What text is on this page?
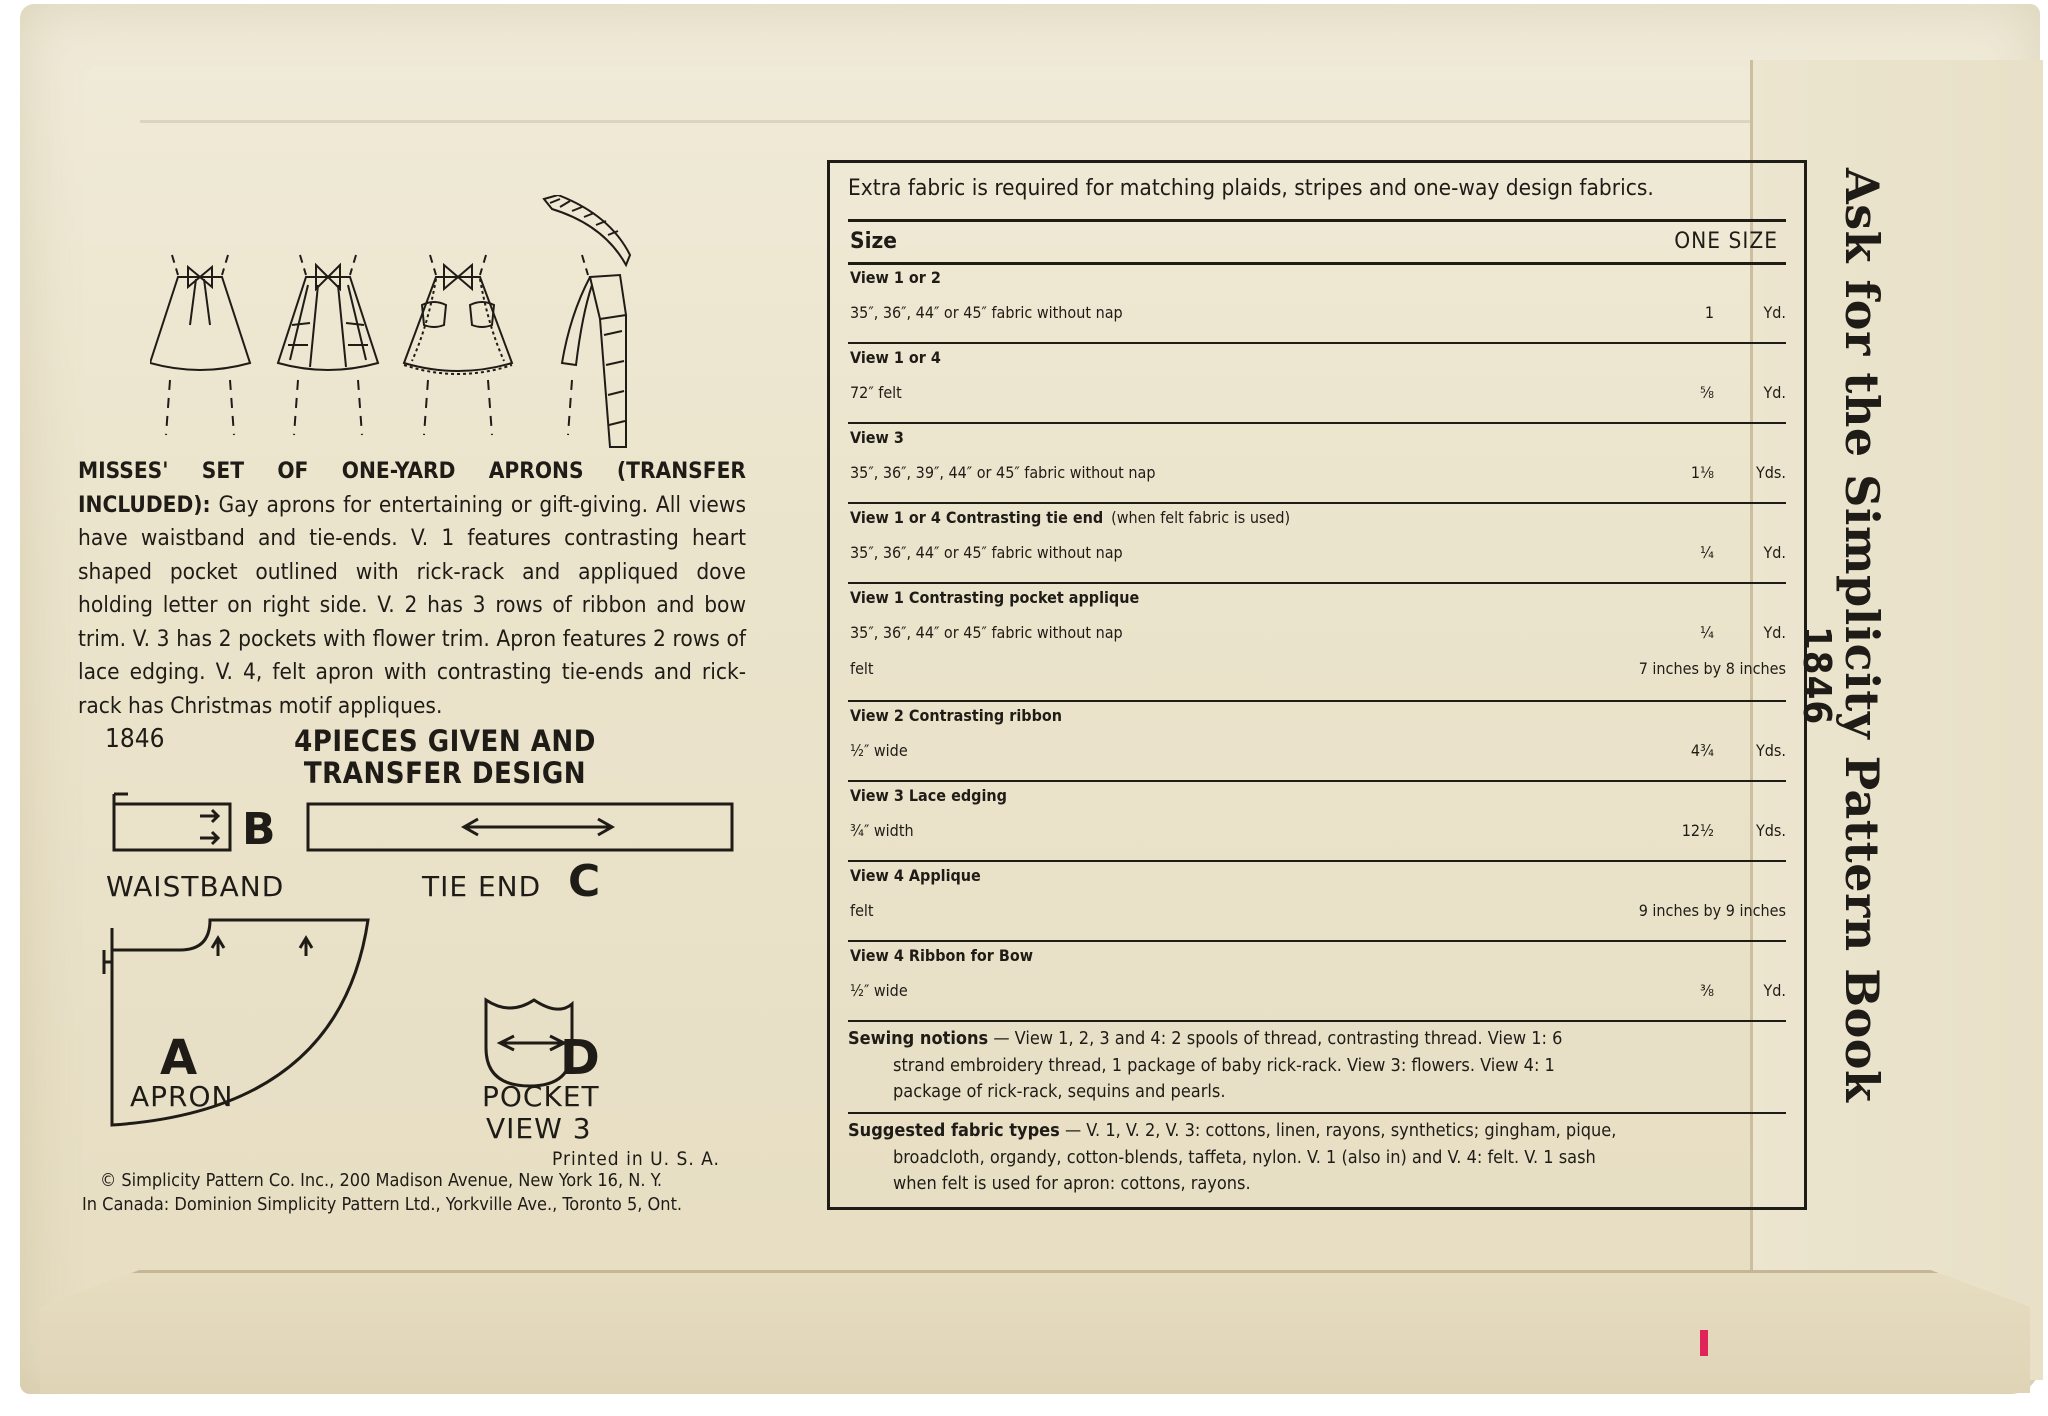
Ask for the Simplicity Pattern Book
1846
MISSES' SET OF ONE-YARD APRONS (TRANSFER INCLUDED): Gay aprons for entertaining or gift-giving. All views have waistband and tie-ends. V. 1 features contrasting heart shaped pocket outlined with rick-rack and appliqued dove holding letter on right side. V. 2 has 3 rows of ribbon and bow trim. V. 3 has 2 pockets with flower trim. Apron features 2 rows of lace edging. V. 4, felt apron with contrasting tie-ends and rick-rack has Christmas motif appliques.
1846	4PIECES GIVEN AND
TRANSFER DESIGN
B
WAISTBAND	TIE END C
A
APRON
D
POCKET
VIEW 3
Printed in U. S. A.
© Simplicity Pattern Co. Inc., 200 Madison Avenue, New York 16, N. Y.
In Canada: Dominion Simplicity Pattern Ltd., Yorkville Ave., Toronto 5, Ont.
Extra fabric is required for matching plaids, stripes and one-way design fabrics.
Size	ONE SIZE
View 1 or 2
35″, 36″, 44″ or 45″ fabric without nap	1	Yd.
View 1 or 4
72″ felt	⅝	Yd.
View 3
35″, 36″, 39″, 44″ or 45″ fabric without nap	1⅛	Yds.
View 1 or 4 Contrasting tie end (when felt fabric is used)
35″, 36″, 44″ or 45″ fabric without nap	¼	Yd.
View 1 Contrasting pocket applique
35″, 36″, 44″ or 45″ fabric without nap	¼	Yd.
felt	7 inches by 8 inches
View 2 Contrasting ribbon
½″ wide	4¾	Yds.
View 3 Lace edging
¾″ width	12½	Yds.
View 4 Applique
felt	9 inches by 9 inches
View 4 Ribbon for Bow
½″ wide	⅜	Yd.
Sewing notions — View 1, 2, 3 and 4: 2 spools of thread, contrasting thread. View 1: 6
strand embroidery thread, 1 package of baby rick-rack. View 3: flowers. View 4: 1
package of rick-rack, sequins and pearls.
Suggested fabric types — V. 1, V. 2, V. 3: cottons, linen, rayons, synthetics; gingham, pique,
broadcloth, organdy, cotton-blends, taffeta, nylon. V. 1 (also in) and V. 4: felt. V. 1 sash
when felt is used for apron: cottons, rayons.
